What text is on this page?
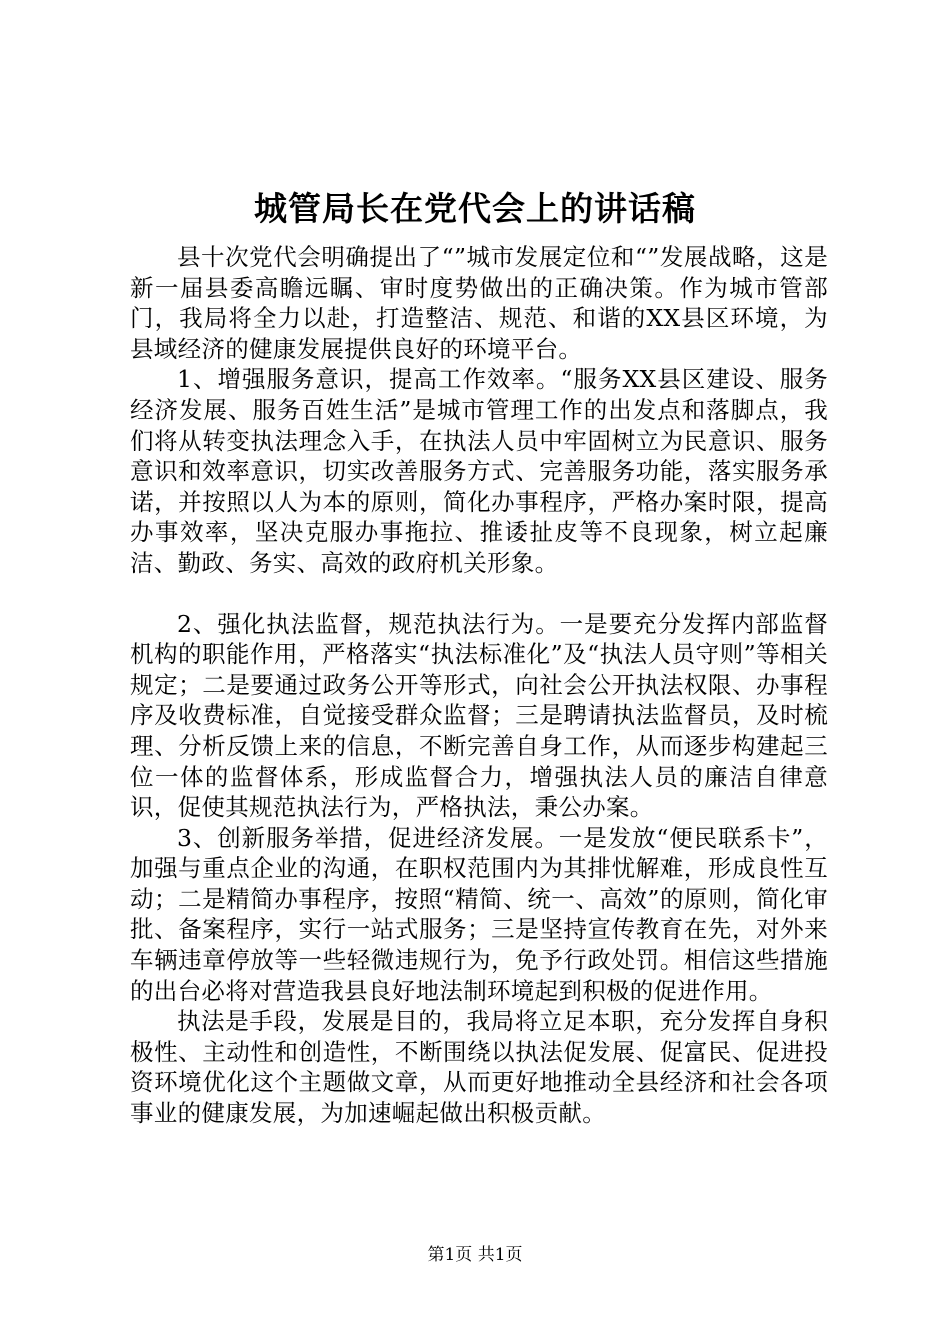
城管局长在党代会上的讲话稿

县十次党代会明确提出了“”城市发展定位和“”发展战略，这是新一届县委高瞻远瞩、审时度势做出的正确决策。作为城市管部门，我局将全力以赴，打造整洁、规范、和谐的XX县区环境，为县域经济的健康发展提供良好的环境平台。

1、增强服务意识，提高工作效率。“服务XX县区建设、服务经济发展、服务百姓生活”是城市管理工作的出发点和落脚点，我们将从转变执法理念入手，在执法人员中牢固树立为民意识、服务意识和效率意识，切实改善服务方式、完善服务功能，落实服务承诺，并按照以人为本的原则，简化办事程序，严格办案时限，提高办事效率，坚决克服办事拖拉、推诿扯皮等不良现象，树立起廉洁、勤政、务实、高效的政府机关形象。

2、强化执法监督，规范执法行为。一是要充分发挥内部监督机构的职能作用，严格落实“执法标准化”及“执法人员守则”等相关规定；二是要通过政务公开等形式，向社会公开执法权限、办事程序及收费标准，自觉接受群众监督；三是聘请执法监督员，及时梳理、分析反馈上来的信息，不断完善自身工作，从而逐步构建起三位一体的监督体系，形成监督合力，增强执法人员的廉洁自律意识，促使其规范执法行为，严格执法，秉公办案。

3、创新服务举措，促进经济发展。一是发放“便民联系卡”，加强与重点企业的沟通，在职权范围内为其排忧解难，形成良性互动；二是精简办事程序，按照“精简、统一、高效”的原则，简化审批、备案程序，实行一站式服务；三是坚持宣传教育在先，对外来车辆违章停放等一些轻微违规行为，免予行政处罚。相信这些措施的出台必将对营造我县良好地法制环境起到积极的促进作用。

执法是手段，发展是目的，我局将立足本职，充分发挥自身积极性、主动性和创造性，不断围绕以执法促发展、促富民、促进投资环境优化这个主题做文章，从而更好地推动全县经济和社会各项事业的健康发展，为加速崛起做出积极贡献。

第1页 共1页
